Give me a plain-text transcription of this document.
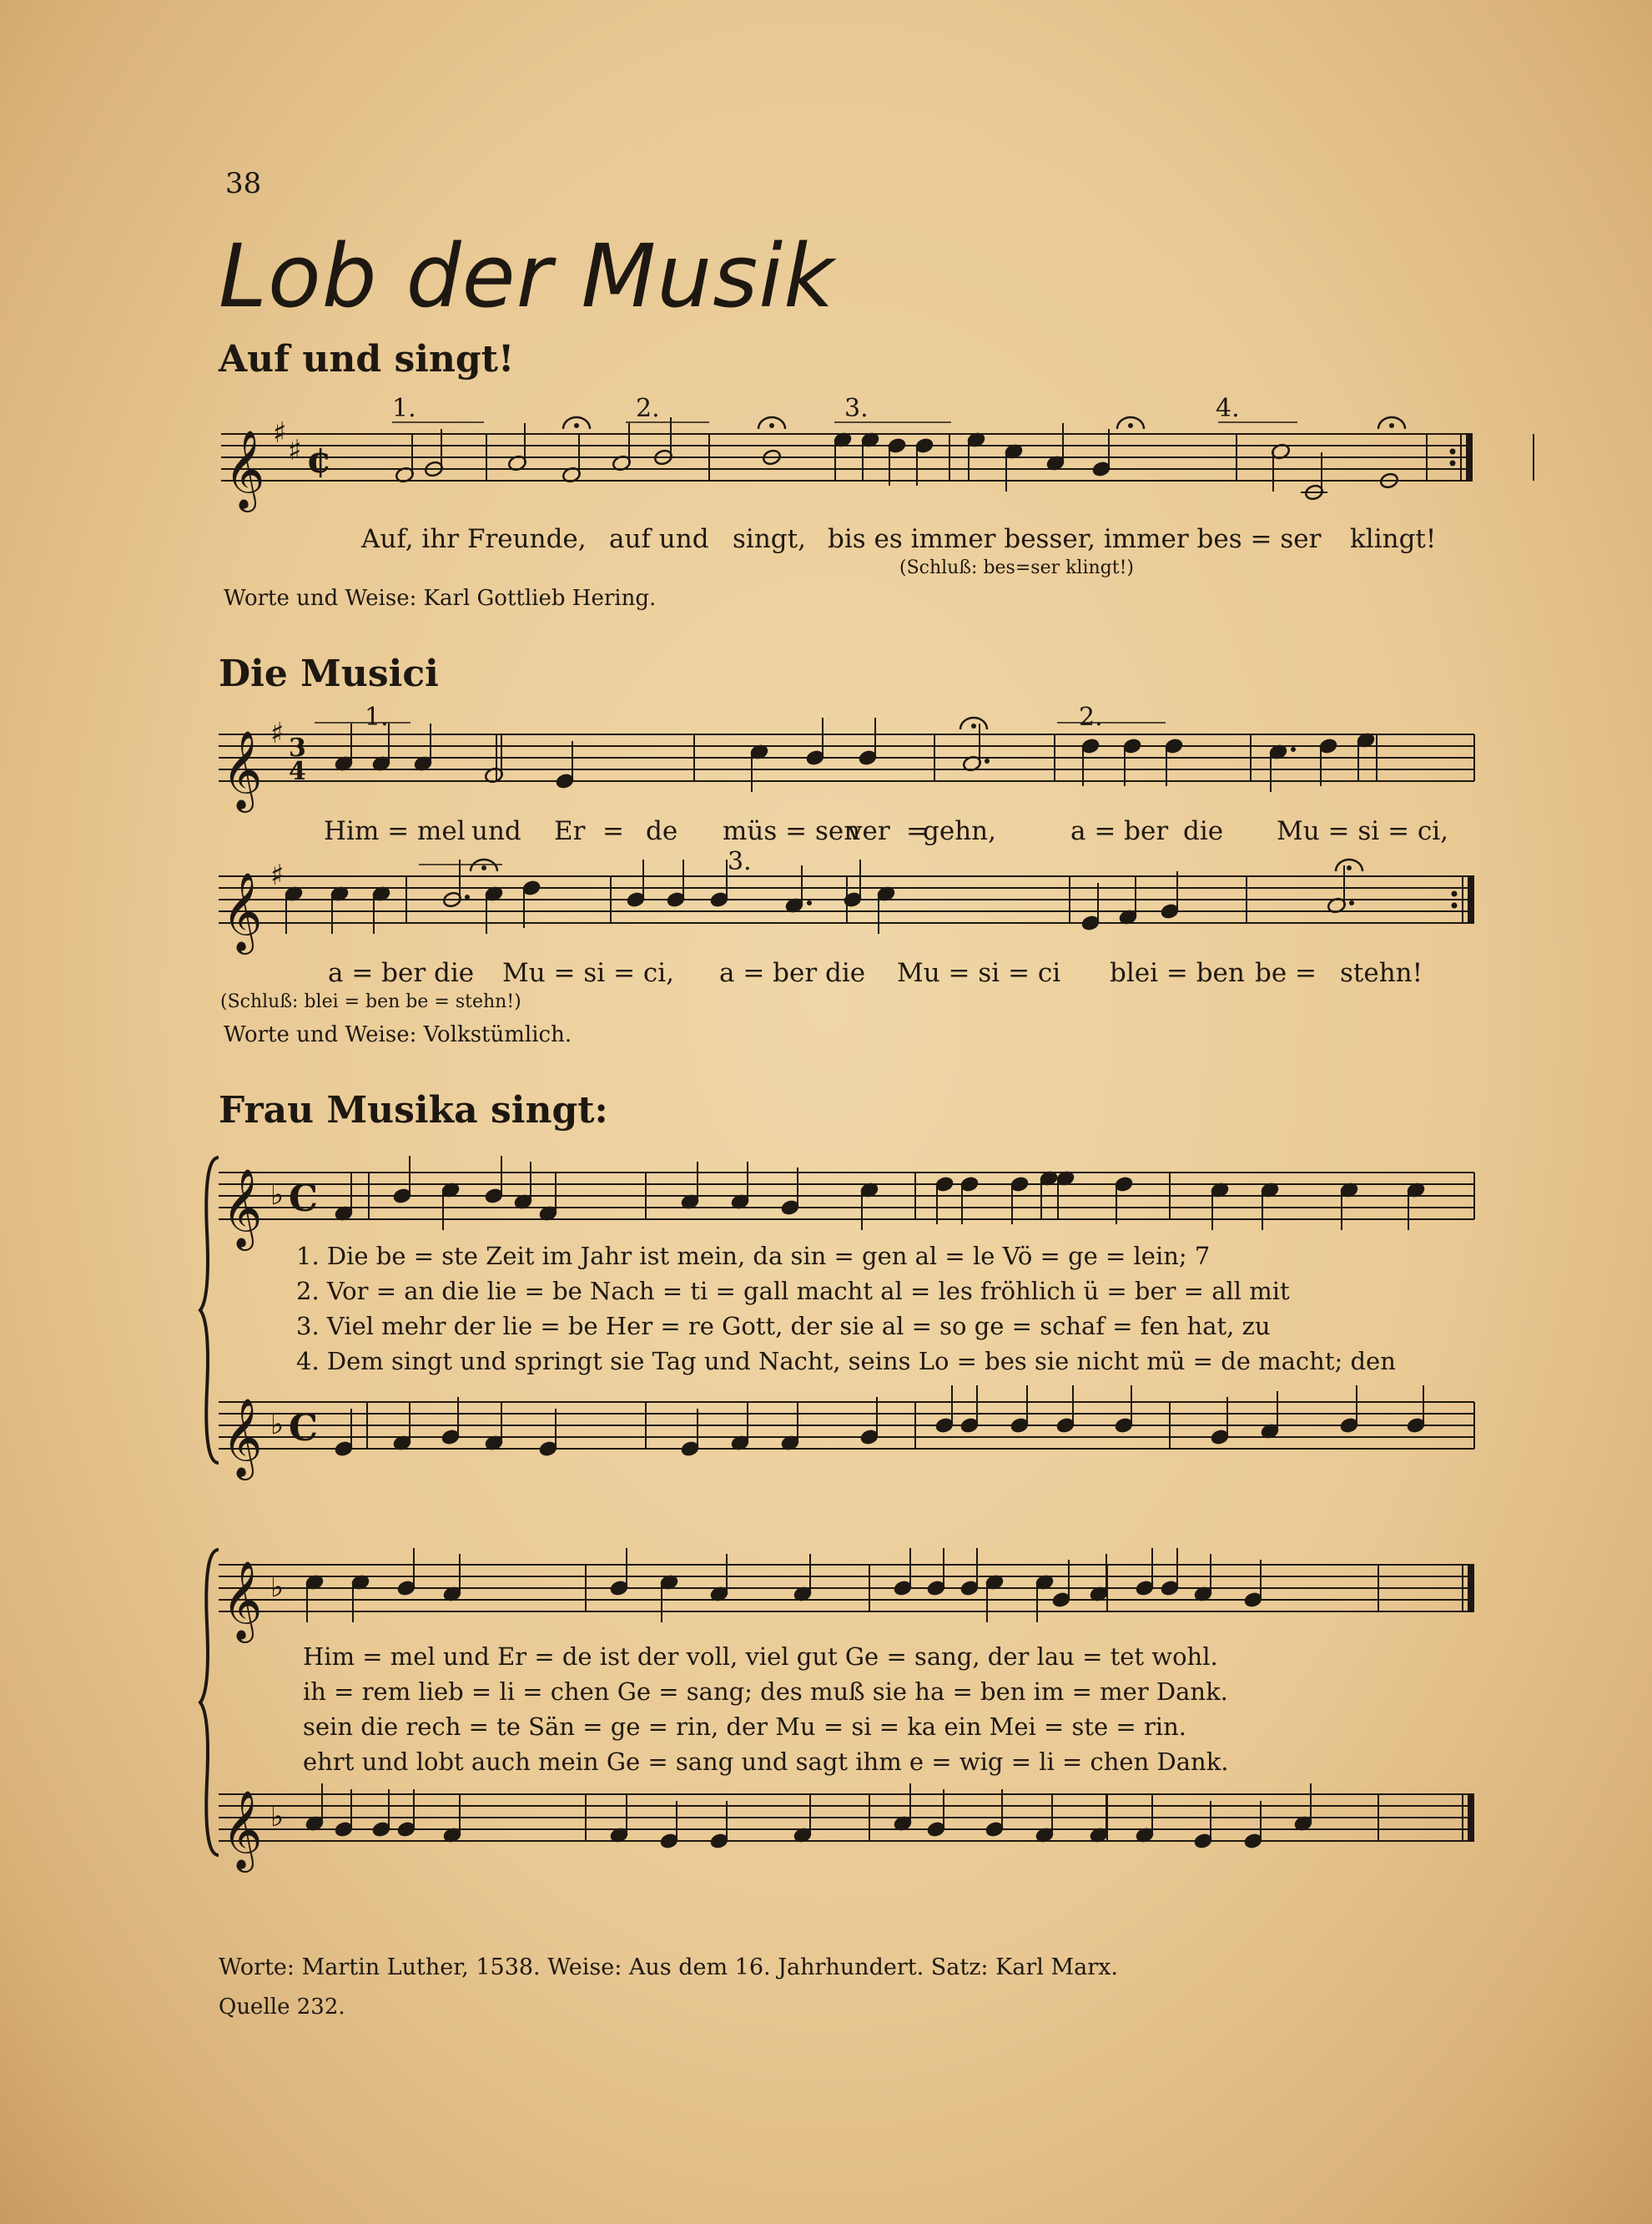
38
Lob der Musik
Auf und singt!
1.	2.	3.	4.
𝄞 ♯
♯ ¢
Auf, ihr Freunde, auf und singt, bis es immer besser, immer bes = ser klingt!
(Schluß: bes=ser klingt!)
Worte und Weise: Karl Gottlieb Hering.
Die Musici
1.	2.
𝄞 ♯ 3
4
Him = mel und Er = de müs = sen
ver =
gehn,	a = ber die Mu = si = ci,
3.
𝄞 ♯
a = ber die Mu = si = ci, a = ber die Mu = si = ci blei = ben be = stehn!
(Schluß: blei = ben be = stehn!)
Worte und Weise: Volkstümlich.
Frau Musika singt:
𝄞 ♭ C
1. Die be = ste Zeit im Jahr ist mein, da sin = gen al = le Vö = ge = lein; 7
2. Vor = an die lie = be Nach = ti = gall macht al = les fröhlich ü = ber = all mit
3. Viel mehr der lie = be Her = re Gott, der sie al = so ge = schaf = fen hat, zu
4. Dem singt und springt sie Tag und Nacht, seins Lo = bes sie nicht mü = de macht; den
𝄞 ♭ C
𝄞 ♭
Him = mel und Er = de ist der voll, viel gut Ge = sang, der lau = tet wohl.
ih = rem lieb = li = chen Ge = sang; des muß sie ha = ben im = mer Dank.
sein die rech = te Sän = ge = rin, der Mu = si = ka ein Mei = ste = rin.
ehrt und lobt auch mein Ge = sang und sagt ihm e = wig = li = chen Dank.
𝄞 ♭
Worte: Martin Luther, 1538. Weise: Aus dem 16. Jahrhundert. Satz: Karl Marx.
Quelle 232.
